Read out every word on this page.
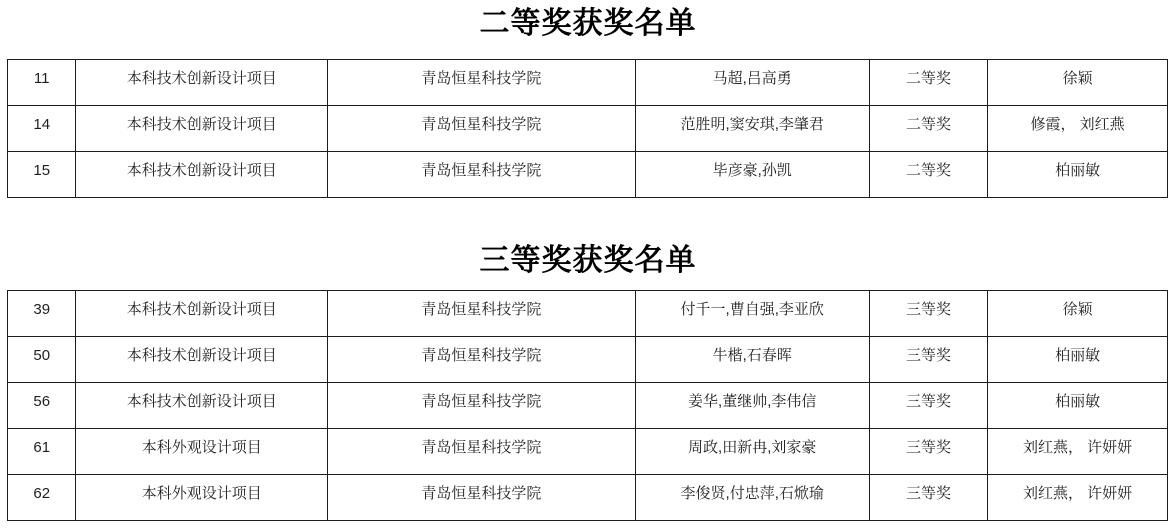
二等奖获奖名单
11	本科技术创新设计项目	青岛恒星科技学院	马超,吕高勇	二等奖	徐颖
14	本科技术创新设计项目	青岛恒星科技学院	范胜明,窦安琪,李肇君	二等奖	修霞， 刘红燕
15	本科技术创新设计项目	青岛恒星科技学院	毕彦豪,孙凯	二等奖	柏丽敏
三等奖获奖名单
39	本科技术创新设计项目	青岛恒星科技学院	付千一,曹自强,李亚欣	三等奖	徐颖
50	本科技术创新设计项目	青岛恒星科技学院	牛楷,石春晖	三等奖	柏丽敏
56	本科技术创新设计项目	青岛恒星科技学院	姜华,董继帅,李伟信	三等奖	柏丽敏
61	本科外观设计项目	青岛恒星科技学院	周政,田新冉,刘家豪	三等奖	刘红燕， 许妍妍
62	本科外观设计项目	青岛恒星科技学院	李俊贤,付忠萍,石焮瑜	三等奖	刘红燕， 许妍妍
